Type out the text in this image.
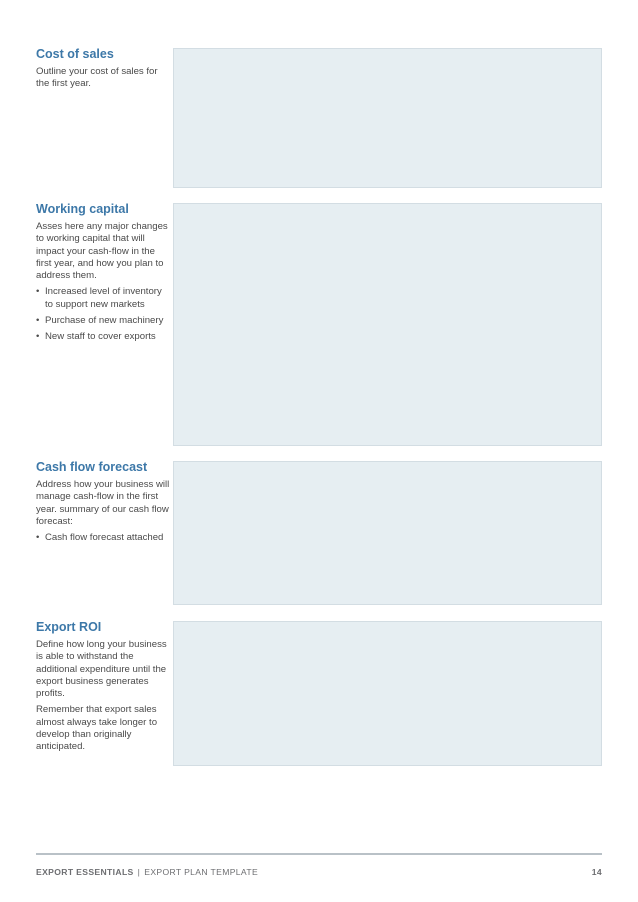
Cost of sales

Outline your cost of sales for the first year.

Working capital

Asses here any major changes to working capital that will impact your cash-flow in the first year, and how you plan to address them.

• Increased level of inventory to support new markets
• Purchase of new machinery
• New staff to cover exports
Cash flow forecast

Address how your business will manage cash-flow in the first year. summary of our cash flow forecast:

• Cash flow forecast attached
Export ROI

Define how long your business is able to withstand the additional expenditure until the export business generates profits.

Remember that export sales almost always take longer to develop than originally anticipated.

EXPORT ESSENTIALS | EXPORT PLAN TEMPLATE	14
